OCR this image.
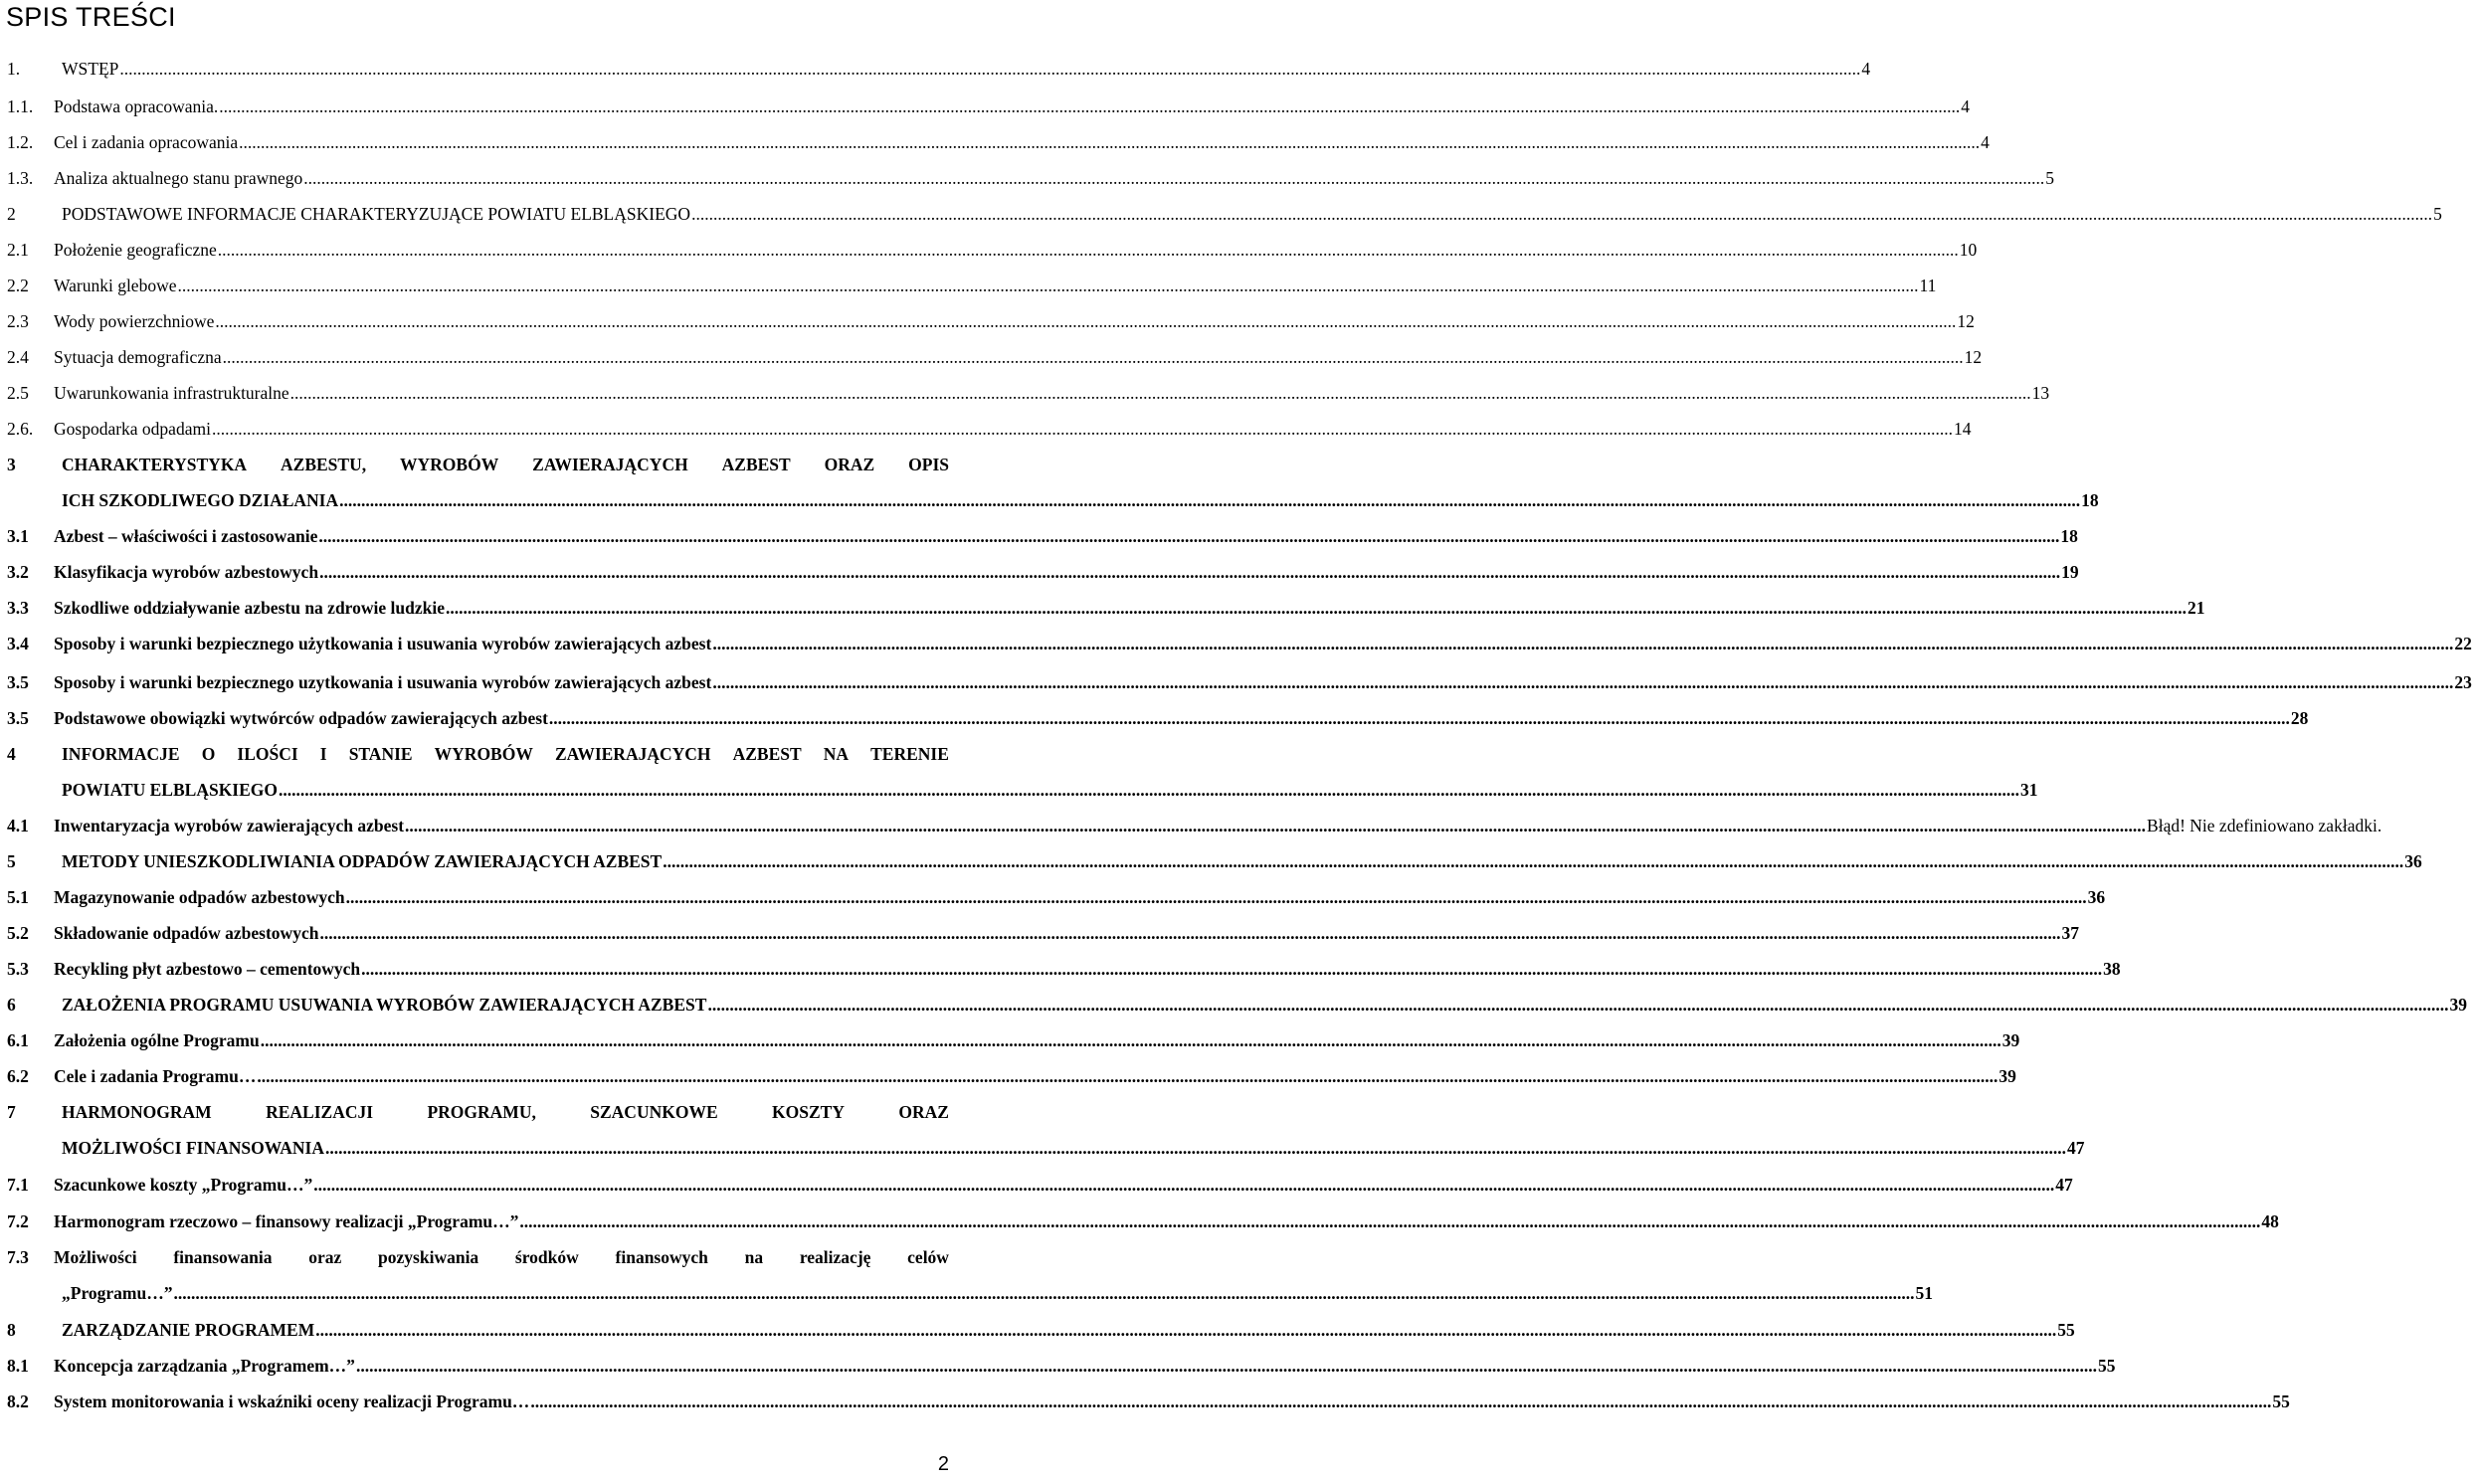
SPIS TREŚCI
1. WSTĘP ................................................................................................................................................................................................................................................................................................................................................................................................................ 4
1.1. Podstawa opracowania. ................................................................................................................................................................................................................................................................................................................................................................................................................ 4
1.2. Cel i zadania opracowania ................................................................................................................................................................................................................................................................................................................................................................................................................ 4
1.3. Analiza aktualnego stanu prawnego ................................................................................................................................................................................................................................................................................................................................................................................................................ 5
2	PODSTAWOWE INFORMACJE CHARAKTERYZUJĄCE POWIATU ELBLĄSKIEGO ................................................................................................................................................................................................................................................................................................................................................................................................................ 5
2.1 Położenie geograficzne ................................................................................................................................................................................................................................................................................................................................................................................................................ 10
2.2 Warunki glebowe ................................................................................................................................................................................................................................................................................................................................................................................................................ 11
2.3 Wody powierzchniowe ................................................................................................................................................................................................................................................................................................................................................................................................................ 12
2.4 Sytuacja demograficzna ................................................................................................................................................................................................................................................................................................................................................................................................................ 12
2.5 Uwarunkowania infrastrukturalne ................................................................................................................................................................................................................................................................................................................................................................................................................ 13
2.6. Gospodarka odpadami ................................................................................................................................................................................................................................................................................................................................................................................................................ 14
3	CHARAKTERYSTYKA AZBESTU, WYROBÓW ZAWIERAJĄCYCH AZBEST ORAZ OPIS
ICH SZKODLIWEGO DZIAŁANIA ................................................................................................................................................................................................................................................................................................................................................................................................................ 18
3.1 Azbest – właściwości i zastosowanie ................................................................................................................................................................................................................................................................................................................................................................................................................ 18
3.2 Klasyfikacja wyrobów azbestowych ................................................................................................................................................................................................................................................................................................................................................................................................................ 19
3.3 Szkodliwe oddziaływanie azbestu na zdrowie ludzkie ................................................................................................................................................................................................................................................................................................................................................................................................................ 21
3.4 Sposoby i warunki bezpiecznego użytkowania i usuwania wyrobów zawierających azbest ................................................................................................................................................................................................................................................................................................................................................................................................................ 22
3.5 Sposoby i warunki bezpiecznego uzytkowania i usuwania wyrobów zawierających azbest ................................................................................................................................................................................................................................................................................................................................................................................................................ 23
3.5 Podstawowe obowiązki wytwórców odpadów zawierających azbest ................................................................................................................................................................................................................................................................................................................................................................................................................ 28
4	INFORMACJE O ILOŚCI I STANIE WYROBÓW ZAWIERAJĄCYCH AZBEST NA TERENIE
POWIATU ELBLĄSKIEGO ................................................................................................................................................................................................................................................................................................................................................................................................................ 31
4.1 Inwentaryzacja wyrobów zawierających azbest ................................................................................................................................................................................................................................................................................................................................................................................................................ Błąd! Nie zdefiniowano zakładki.
5	METODY UNIESZKODLIWIANIA ODPADÓW ZAWIERAJĄCYCH AZBEST ................................................................................................................................................................................................................................................................................................................................................................................................................ 36
5.1 Magazynowanie odpadów azbestowych ................................................................................................................................................................................................................................................................................................................................................................................................................ 36
5.2 Składowanie odpadów azbestowych ................................................................................................................................................................................................................................................................................................................................................................................................................ 37
5.3 Recykling płyt azbestowo – cementowych ................................................................................................................................................................................................................................................................................................................................................................................................................ 38
6	ZAŁOŻENIA PROGRAMU USUWANIA WYROBÓW ZAWIERAJĄCYCH AZBEST ................................................................................................................................................................................................................................................................................................................................................................................................................ 39
6.1 Założenia ogólne Programu ................................................................................................................................................................................................................................................................................................................................................................................................................ 39
6.2 Cele i zadania Programu… ................................................................................................................................................................................................................................................................................................................................................................................................................ 39
7	HARMONOGRAM	REALIZACJI	PROGRAMU,	SZACUNKOWE	KOSZTY	ORAZ
MOŻLIWOŚCI FINANSOWANIA ................................................................................................................................................................................................................................................................................................................................................................................................................ 47
7.1 Szacunkowe koszty „Programu…” ................................................................................................................................................................................................................................................................................................................................................................................................................ 47
7.2 Harmonogram rzeczowo – finansowy realizacji „Programu…” ................................................................................................................................................................................................................................................................................................................................................................................................................ 48
7.3 Możliwości finansowania oraz pozyskiwania środków finansowych na realizację celów
„Programu…” ................................................................................................................................................................................................................................................................................................................................................................................................................ 51
8	ZARZĄDZANIE PROGRAMEM ................................................................................................................................................................................................................................................................................................................................................................................................................ 55
8.1 Koncepcja zarządzania „Programem…” ................................................................................................................................................................................................................................................................................................................................................................................................................ 55
8.2 System monitorowania i wskaźniki oceny realizacji Programu… ................................................................................................................................................................................................................................................................................................................................................................................................................ 55
2
